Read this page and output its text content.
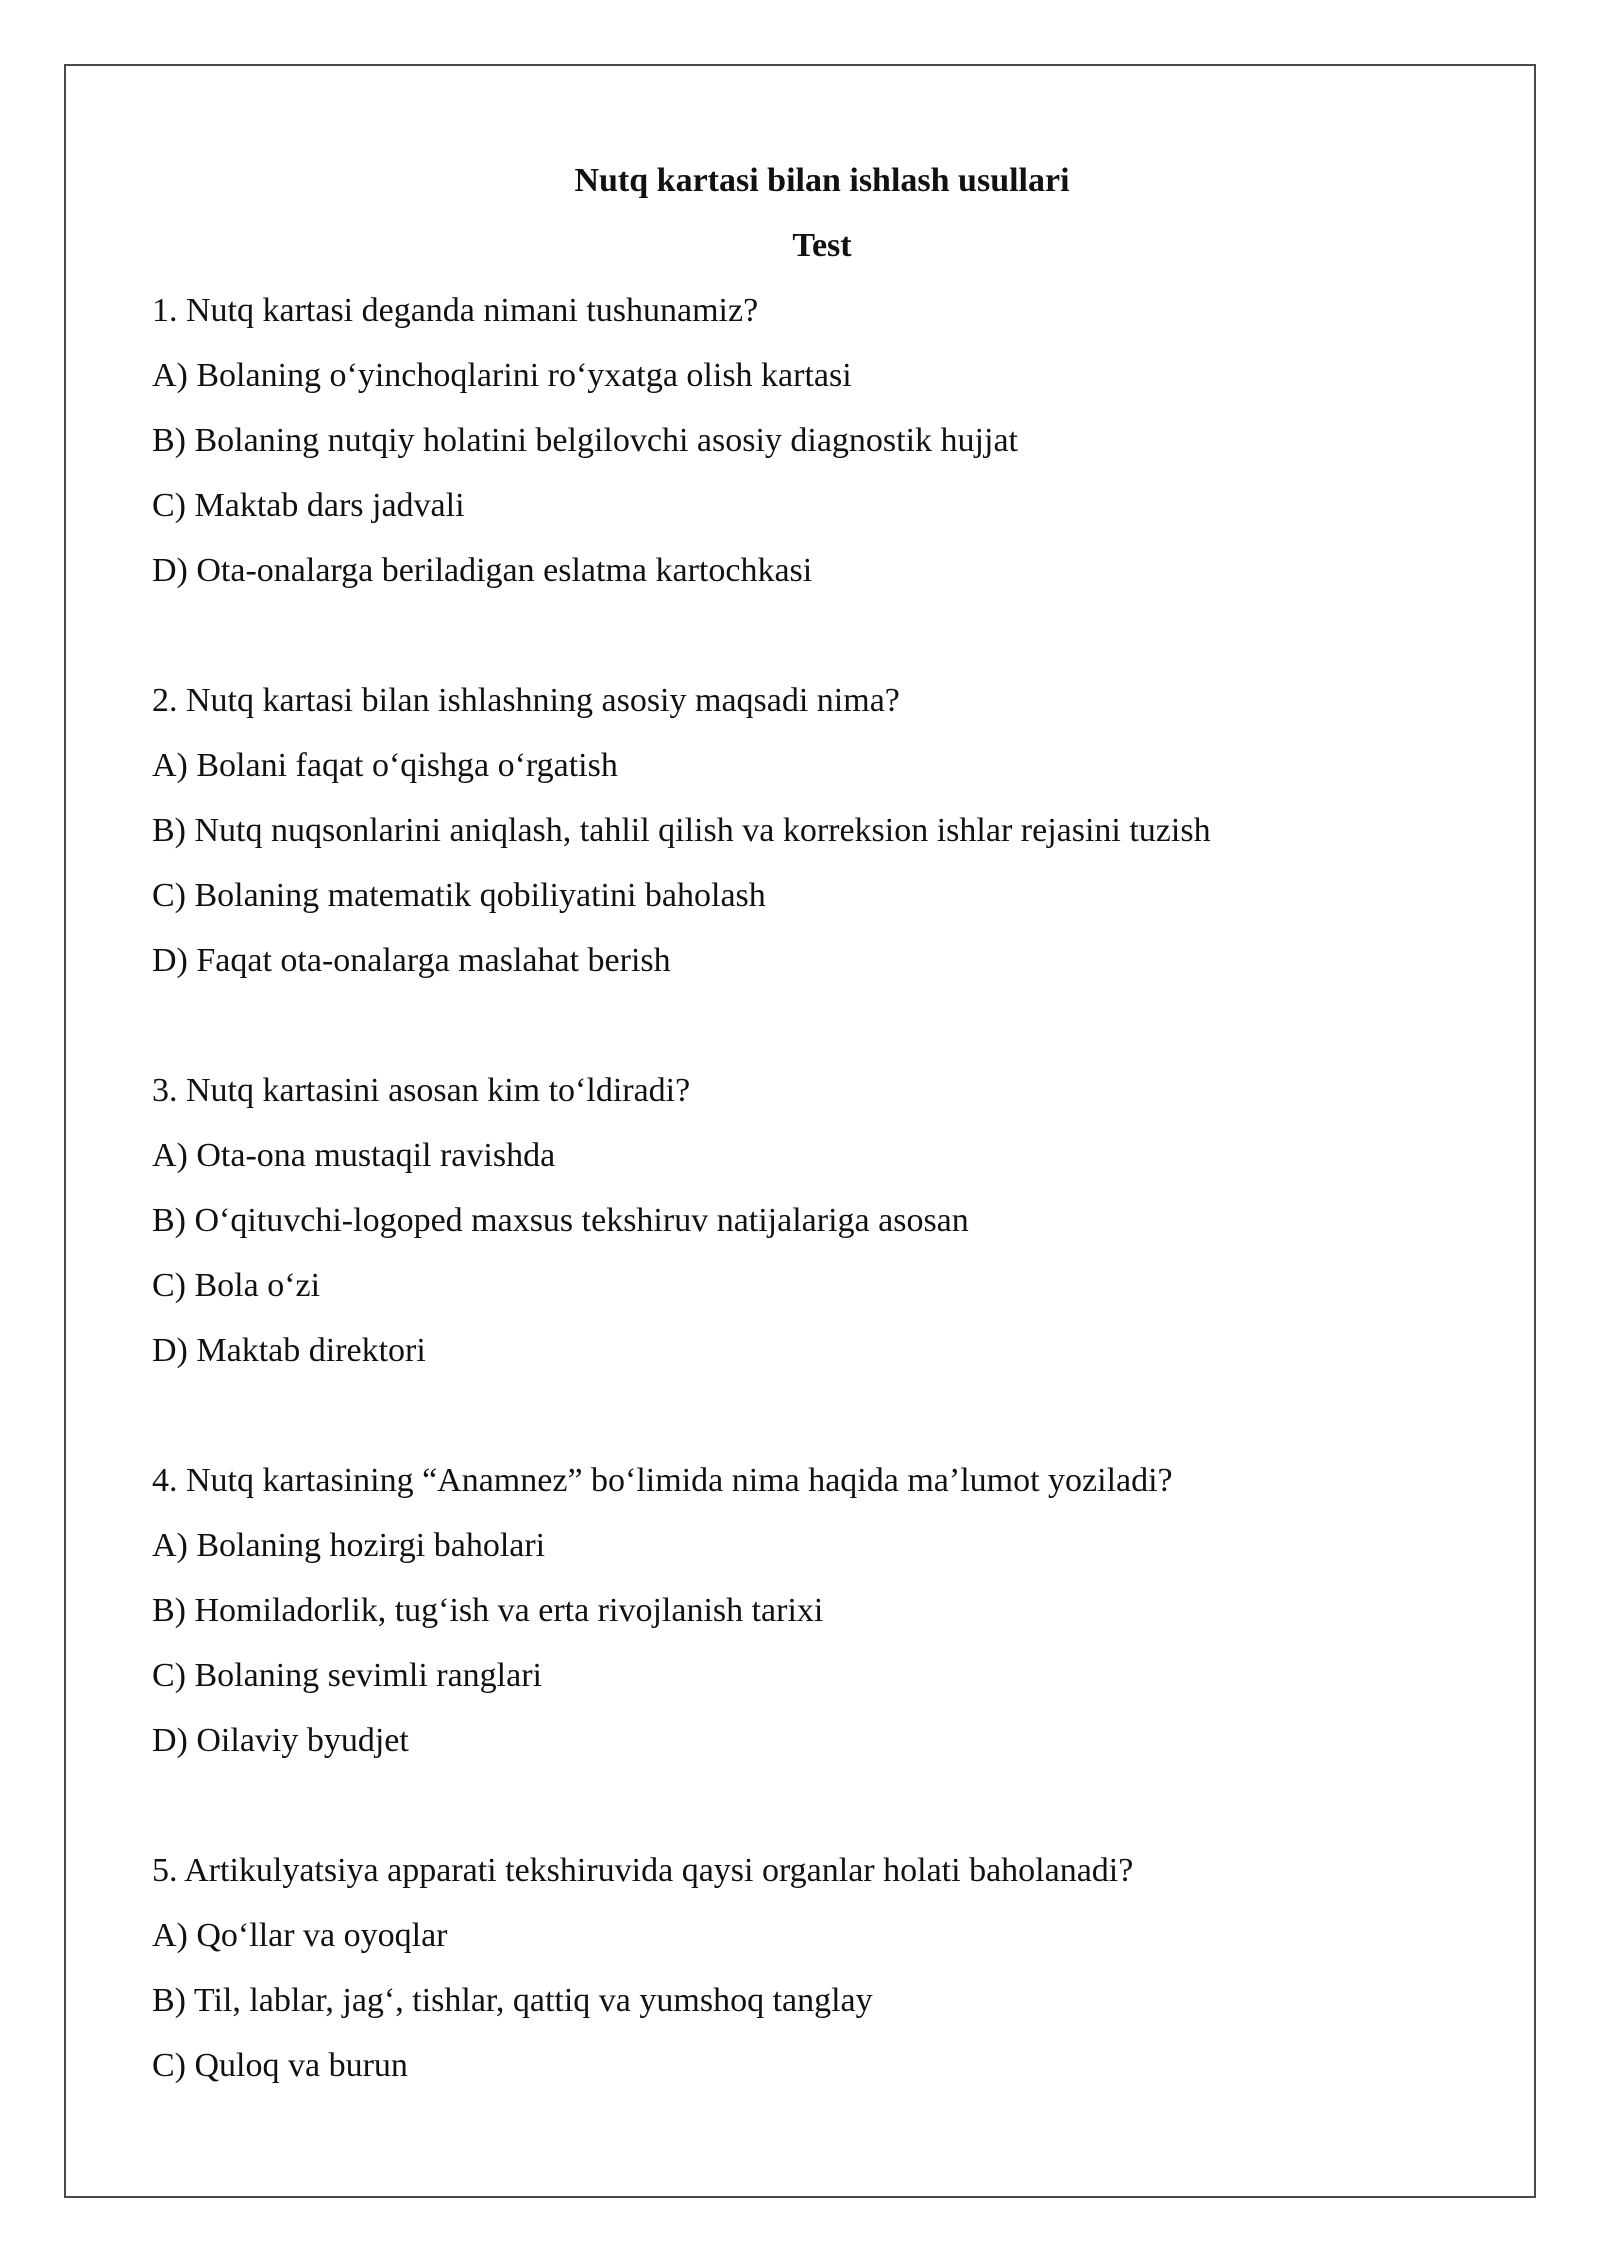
Nutq kartasi bilan ishlash usullari
Test
1. Nutq kartasi deganda nimani tushunamiz?
A) Bolaning o‘yinchoqlarini ro‘yxatga olish kartasi
B) Bolaning nutqiy holatini belgilovchi asosiy diagnostik hujjat
C) Maktab dars jadvali
D) Ota-onalarga beriladigan eslatma kartochkasi
2. Nutq kartasi bilan ishlashning asosiy maqsadi nima?
A) Bolani faqat o‘qishga o‘rgatish
B) Nutq nuqsonlarini aniqlash, tahlil qilish va korreksion ishlar rejasini tuzish
C) Bolaning matematik qobiliyatini baholash
D) Faqat ota-onalarga maslahat berish
3. Nutq kartasini asosan kim to‘ldiradi?
A) Ota-ona mustaqil ravishda
B) O‘qituvchi-logoped maxsus tekshiruv natijalariga asosan
C) Bola o‘zi
D) Maktab direktori
4. Nutq kartasining “Anamnez” bo‘limida nima haqida ma’lumot yoziladi?
A) Bolaning hozirgi baholari
B) Homiladorlik, tug‘ish va erta rivojlanish tarixi
C) Bolaning sevimli ranglari
D) Oilaviy byudjet
5. Artikulyatsiya apparati tekshiruvida qaysi organlar holati baholanadi?
A) Qo‘llar va oyoqlar
B) Til, lablar, jag‘, tishlar, qattiq va yumshoq tanglay
C) Quloq va burun
